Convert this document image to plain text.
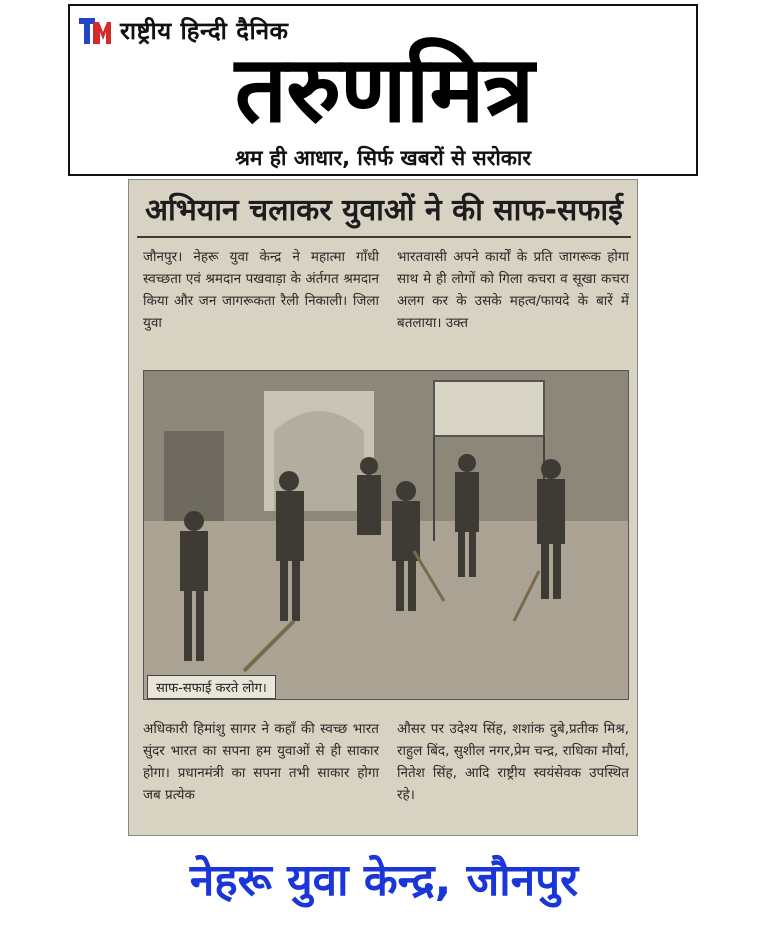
राष्ट्रीय हिन्दी दैनिक
तरुणमित्र
श्रम ही आधार, सिर्फ खबरों से सरोकार
अभियान चलाकर युवाओं ने की साफ-सफाई
जौनपुर। नेहरू युवा केन्द्र ने महात्मा गाँधी स्वच्छता एवं श्रमदान पखवाड़ा के अंर्तगत श्रमदान किया और जन जागरूकता रैली निकाली। जिला युवा
भारतवासी अपने कार्यों के प्रति जागरूक होगा साथ मे ही लोगों को गिला कचरा व सूखा कचरा अलग कर के उसके महत्व/फायदे के बारें में बतलाया। उक्त
साफ-सफाई करते लोग।
अधिकारी हिमांशु सागर ने कहाँ की स्वच्छ भारत सुंदर भारत का सपना हम युवाओं से ही साकार होगा। प्रधानमंत्री का सपना तभी साकार होगा जब प्रत्येक
औसर पर उदेश्य सिंह, शशांक दुबे,प्रतीक मिश्र, राहुल बिंद, सुशील नगर,प्रेम चन्द्र, राधिका मौर्या, नितेश सिंह, आदि राष्ट्रीय स्वयंसेवक उपस्थित रहे।
नेहरू युवा केन्द्र, जौनपुर
